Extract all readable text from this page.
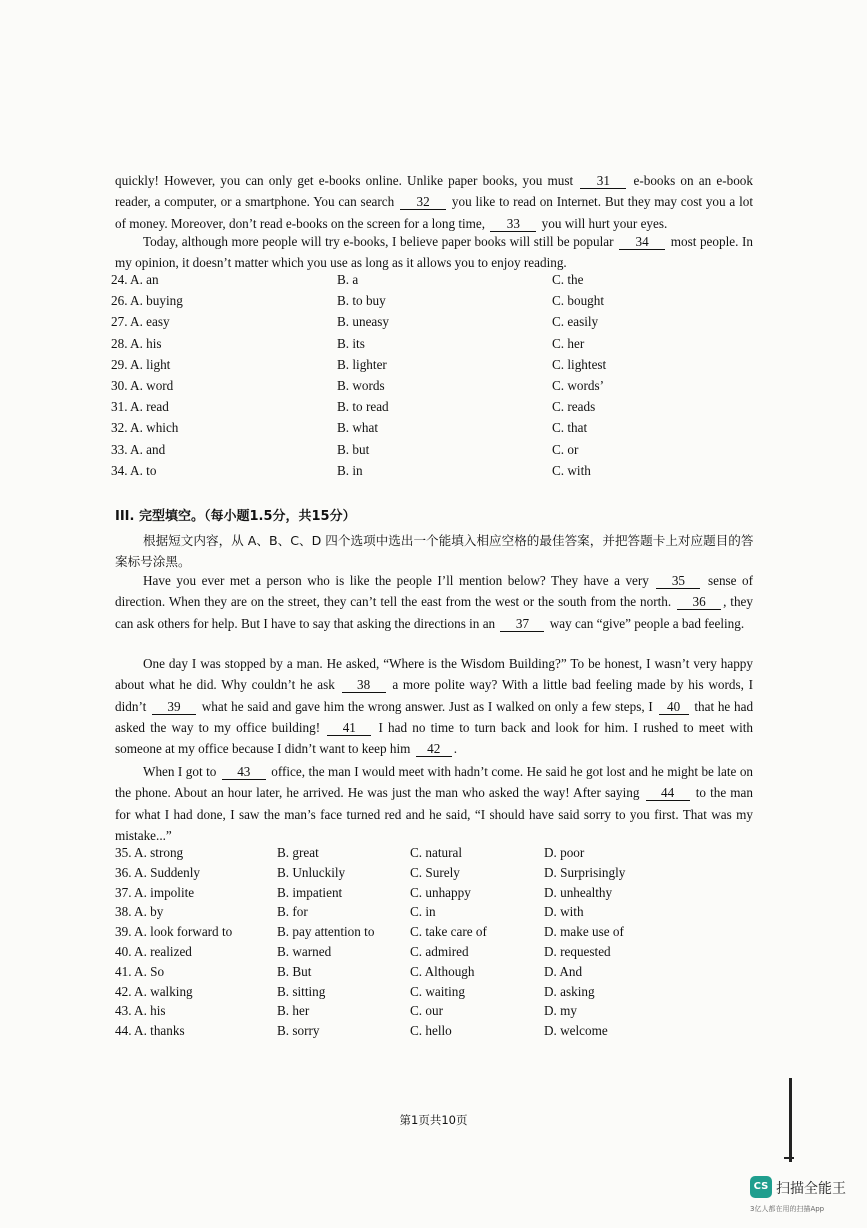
quickly! However, you can only get e-books online. Unlike paper books, you must 31 e-books on an e-book reader, a computer, or a smartphone. You can search 32 you like to read on Internet. But they may cost you a lot of money. Moreover, don’t read e-books on the screen for a long time, 33 you will hurt your eyes.
Today, although more people will try e-books, I believe paper books will still be popular 34 most people. In my opinion, it doesn’t matter which you use as long as it allows you to enjoy reading.
24. A. an	B. a	C. the
26. A. buying	B. to buy	C. bought
27. A. easy	B. uneasy	C. easily
28. A. his	B. its	C. her
29. A. light	B. lighter	C. lightest
30. A. word	B. words	C. words’
31. A. read	B. to read	C. reads
32. A. which	B. what	C. that
33. A. and	B. but	C. or
34. A. to	B. in	C. with
III. 完型填空。（每小题1.5分，共15分）
根据短文内容，从 A、B、C、D 四个选项中选出一个能填入相应空格的最佳答案，并把答题卡上对应题目的答案标号涂黑。
Have you ever met a person who is like the people I’ll mention below? They have a very 35 sense of direction. When they are on the street, they can’t tell the east from the west or the south from the north. 36 , they can ask others for help. But I have to say that asking the directions in an 37 way can “give” people a bad feeling.
One day I was stopped by a man. He asked, “Where is the Wisdom Building?” To be honest, I wasn’t very happy about what he did. Why couldn’t he ask 38 a more polite way? With a little bad feeling made by his words, I didn’t 39 what he said and gave him the wrong answer. Just as I walked on only a few steps, I 40 that he had asked the way to my office building! 41 I had no time to turn back and look for him. I rushed to meet with someone at my office because I didn’t want to keep him 42 .
When I got to 43 office, the man I would meet with hadn’t come. He said he got lost and he might be late on the phone. About an hour later, he arrived. He was just the man who asked the way! After saying 44 to the man for what I had done, I saw the man’s face turned red and he said, “I should have said sorry to you first. That was my mistake...”
35. A. strong	B. great	C. natural	D. poor
36. A. Suddenly	B. Unluckily	C. Surely	D. Surprisingly
37. A. impolite	B. impatient	C. unhappy	D. unhealthy
38. A. by	B. for	C. in	D. with
39. A. look forward to	B. pay attention to	C. take care of	D. make use of
40. A. realized	B. warned	C. admired	D. requested
41. A. So	B. But	C. Although	D. And
42. A. walking	B. sitting	C. waiting	D. asking
43. A. his	B. her	C. our	D. my
44. A. thanks	B. sorry	C. hello	D. welcome
第1页共10页
CS 扫描全能王
3亿人都在用的扫描App
